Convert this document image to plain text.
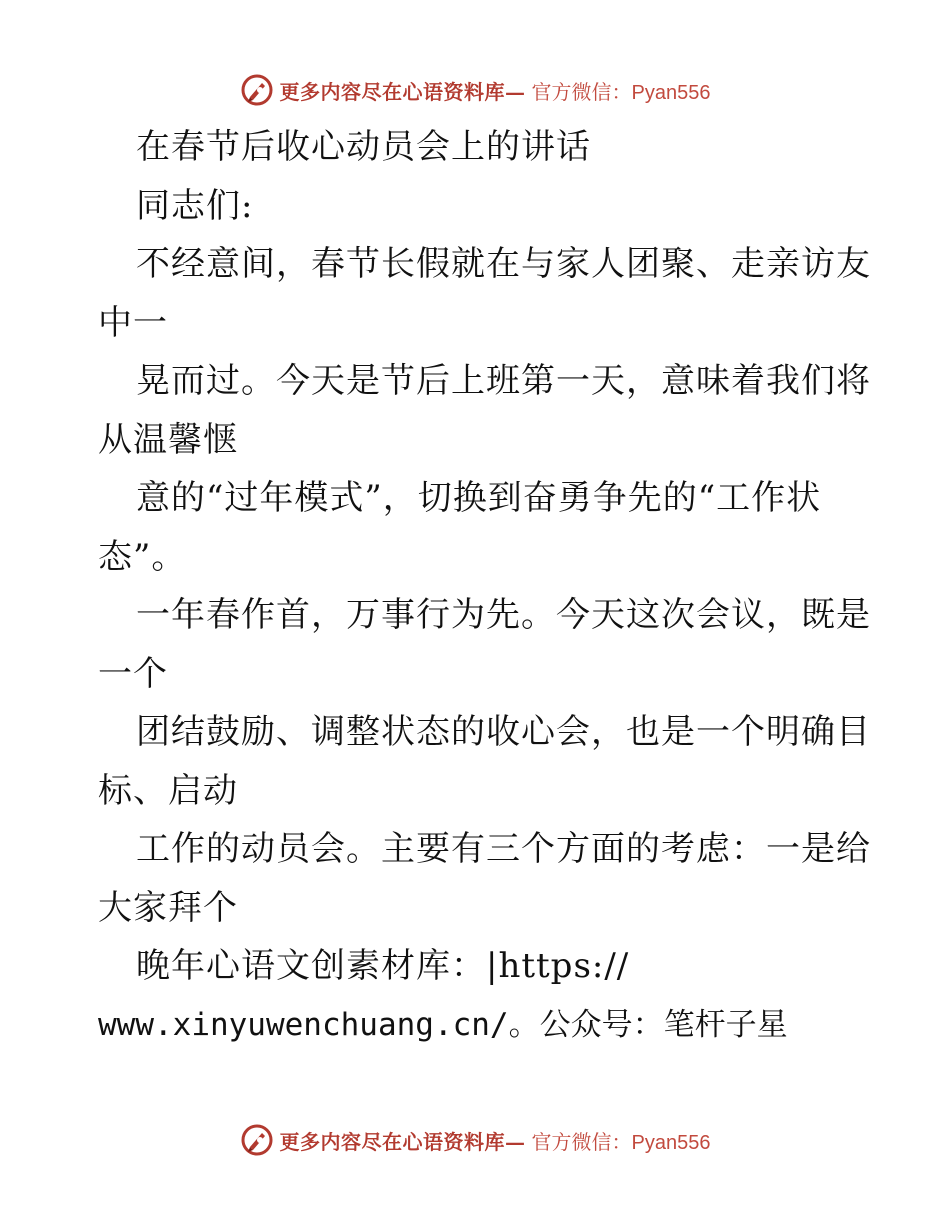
更多内容尽在心语资料库— 官方微信：Pyan556
在春节后收心动员会上的讲话
同志们:
不经意间，春节长假就在与家人团聚、走亲访友
中一
晃而过。今天是节后上班第一天，意味着我们将
从温馨惬
意的“过年模式”，切换到奋勇争先的“工作状
态”。
一年春作首，万事行为先。今天这次会议，既是
一个
团结鼓励、调整状态的收心会，也是一个明确目
标、启动
工作的动员会。主要有三个方面的考虑：一是给
大家拜个
晚年心语文创素材库：|https://
www.xinyuwenchuang.cn/。公众号：笔杆子星
更多内容尽在心语资料库— 官方微信：Pyan556
